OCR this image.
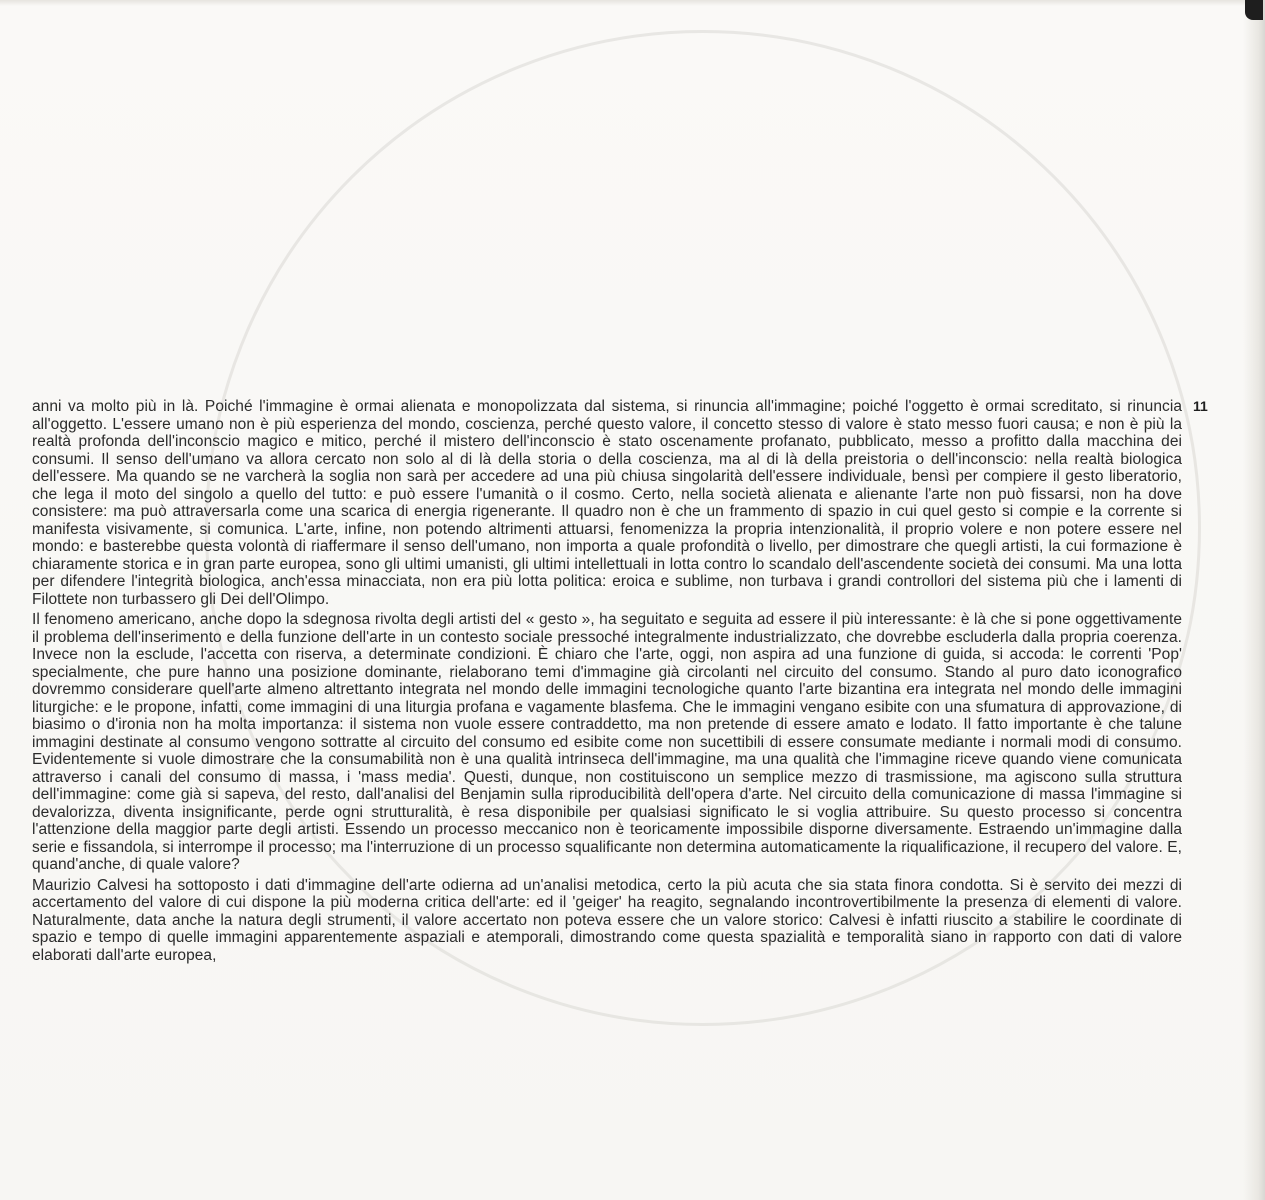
11

anni va molto più in là. Poiché l'immagine è ormai alienata e monopolizzata dal sistema, si rinuncia all'immagine; poiché l'oggetto è ormai screditato, si rinuncia all'oggetto. L'essere umano non è più esperienza del mondo, coscienza, perché questo valore, il concetto stesso di valore è stato messo fuori causa; e non è più la realtà profonda dell'inconscio magico e mitico, perché il mistero dell'inconscio è stato oscenamente profanato, pubblicato, messo a profitto dalla macchina dei consumi. Il senso dell'umano va allora cercato non solo al di là della storia o della coscienza, ma al di là della preistoria o dell'inconscio: nella realtà biologica dell'essere. Ma quando se ne varcherà la soglia non sarà per accedere ad una più chiusa singolarità dell'essere individuale, bensì per compiere il gesto liberatorio, che lega il moto del singolo a quello del tutto: e può essere l'umanità o il cosmo. Certo, nella società alienata e alienante l'arte non può fissarsi, non ha dove consistere: ma può attraversarla come una scarica di energia rigenerante. Il quadro non è che un frammento di spazio in cui quel gesto si compie e la corrente si manifesta visivamente, si comunica. L'arte, infine, non potendo altrimenti attuarsi, fenomenizza la propria intenzionalità, il proprio volere e non potere essere nel mondo: e basterebbe questa volontà di riaffermare il senso dell'umano, non importa a quale profondità o livello, per dimostrare che quegli artisti, la cui formazione è chiaramente storica e in gran parte europea, sono gli ultimi umanisti, gli ultimi intellettuali in lotta contro lo scandalo dell'ascendente società dei consumi. Ma una lotta per difendere l'integrità biologica, anch'essa minacciata, non era più lotta politica: eroica e sublime, non turbava i grandi controllori del sistema più che i lamenti di Filottete non turbassero gli Dei dell'Olimpo.

Il fenomeno americano, anche dopo la sdegnosa rivolta degli artisti del « gesto », ha seguitato e seguita ad essere il più interessante: è là che si pone oggettivamente il problema dell'inserimento e della funzione dell'arte in un contesto sociale pressoché integralmente industrializzato, che dovrebbe escluderla dalla propria coerenza. Invece non la esclude, l'accetta con riserva, a determinate condizioni. È chiaro che l'arte, oggi, non aspira ad una funzione di guida, si accoda: le correnti 'Pop' specialmente, che pure hanno una posizione dominante, rielaborano temi d'immagine già circolanti nel circuito del consumo. Stando al puro dato iconografico dovremmo considerare quell'arte almeno altrettanto integrata nel mondo delle immagini tecnologiche quanto l'arte bizantina era integrata nel mondo delle immagini liturgiche: e le propone, infatti, come immagini di una liturgia profana e vagamente blasfema. Che le immagini vengano esibite con una sfumatura di approvazione, di biasimo o d'ironia non ha molta importanza: il sistema non vuole essere contraddetto, ma non pretende di essere amato e lodato. Il fatto importante è che talune immagini destinate al consumo vengono sottratte al circuito del consumo ed esibite come non sucettibili di essere consumate mediante i normali modi di consumo. Evidentemente si vuole dimostrare che la consumabilità non è una qualità intrinseca dell'immagine, ma una qualità che l'immagine riceve quando viene comunicata attraverso i canali del consumo di massa, i 'mass media'. Questi, dunque, non costituiscono un semplice mezzo di trasmissione, ma agiscono sulla struttura dell'immagine: come già si sapeva, del resto, dall'analisi del Benjamin sulla riproducibilità dell'opera d'arte. Nel circuito della comunicazione di massa l'immagine si devalorizza, diventa insignificante, perde ogni strutturalità, è resa disponibile per qualsiasi significato le si voglia attribuire. Su questo processo si concentra l'attenzione della maggior parte degli artisti. Essendo un processo meccanico non è teoricamente impossibile disporne diversamente. Estraendo un'immagine dalla serie e fissandola, si interrompe il processo; ma l'interruzione di un processo squalificante non determina automaticamente la riqualificazione, il recupero del valore. E, quand'anche, di quale valore?

Maurizio Calvesi ha sottoposto i dati d'immagine dell'arte odierna ad un'analisi metodica, certo la più acuta che sia stata finora condotta. Si è servito dei mezzi di accertamento del valore di cui dispone la più moderna critica dell'arte: ed il 'geiger' ha reagito, segnalando incontrovertibilmente la presenza di elementi di valore. Naturalmente, data anche la natura degli strumenti, il valore accertato non poteva essere che un valore storico: Calvesi è infatti riuscito a stabilire le coordinate di spazio e tempo di quelle immagini apparentemente aspaziali e atemporali, dimostrando come questa spazialità e temporalità siano in rapporto con dati di valore elaborati dall'arte europea,
